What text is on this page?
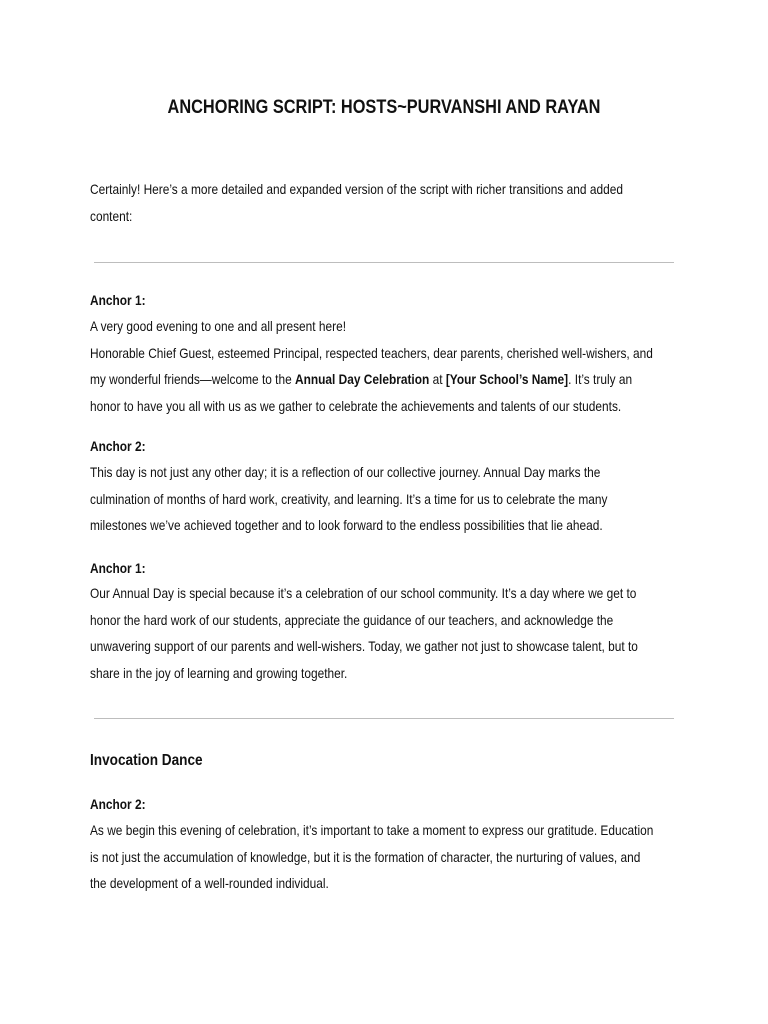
ANCHORING SCRIPT: HOSTS~PURVANSHI AND RAYAN
Certainly! Here’s a more detailed and expanded version of the script with richer transitions and added
content:
Anchor 1:
A very good evening to one and all present here!
Honorable Chief Guest, esteemed Principal, respected teachers, dear parents, cherished well-wishers, and
my wonderful friends—welcome to the Annual Day Celebration at [Your School’s Name]. It’s truly an
honor to have you all with us as we gather to celebrate the achievements and talents of our students.
Anchor 2:
This day is not just any other day; it is a reflection of our collective journey. Annual Day marks the
culmination of months of hard work, creativity, and learning. It’s a time for us to celebrate the many
milestones we’ve achieved together and to look forward to the endless possibilities that lie ahead.
Anchor 1:
Our Annual Day is special because it’s a celebration of our school community. It’s a day where we get to
honor the hard work of our students, appreciate the guidance of our teachers, and acknowledge the
unwavering support of our parents and well-wishers. Today, we gather not just to showcase talent, but to
share in the joy of learning and growing together.
Invocation Dance
Anchor 2:
As we begin this evening of celebration, it’s important to take a moment to express our gratitude. Education
is not just the accumulation of knowledge, but it is the formation of character, the nurturing of values, and
the development of a well-rounded individual.
